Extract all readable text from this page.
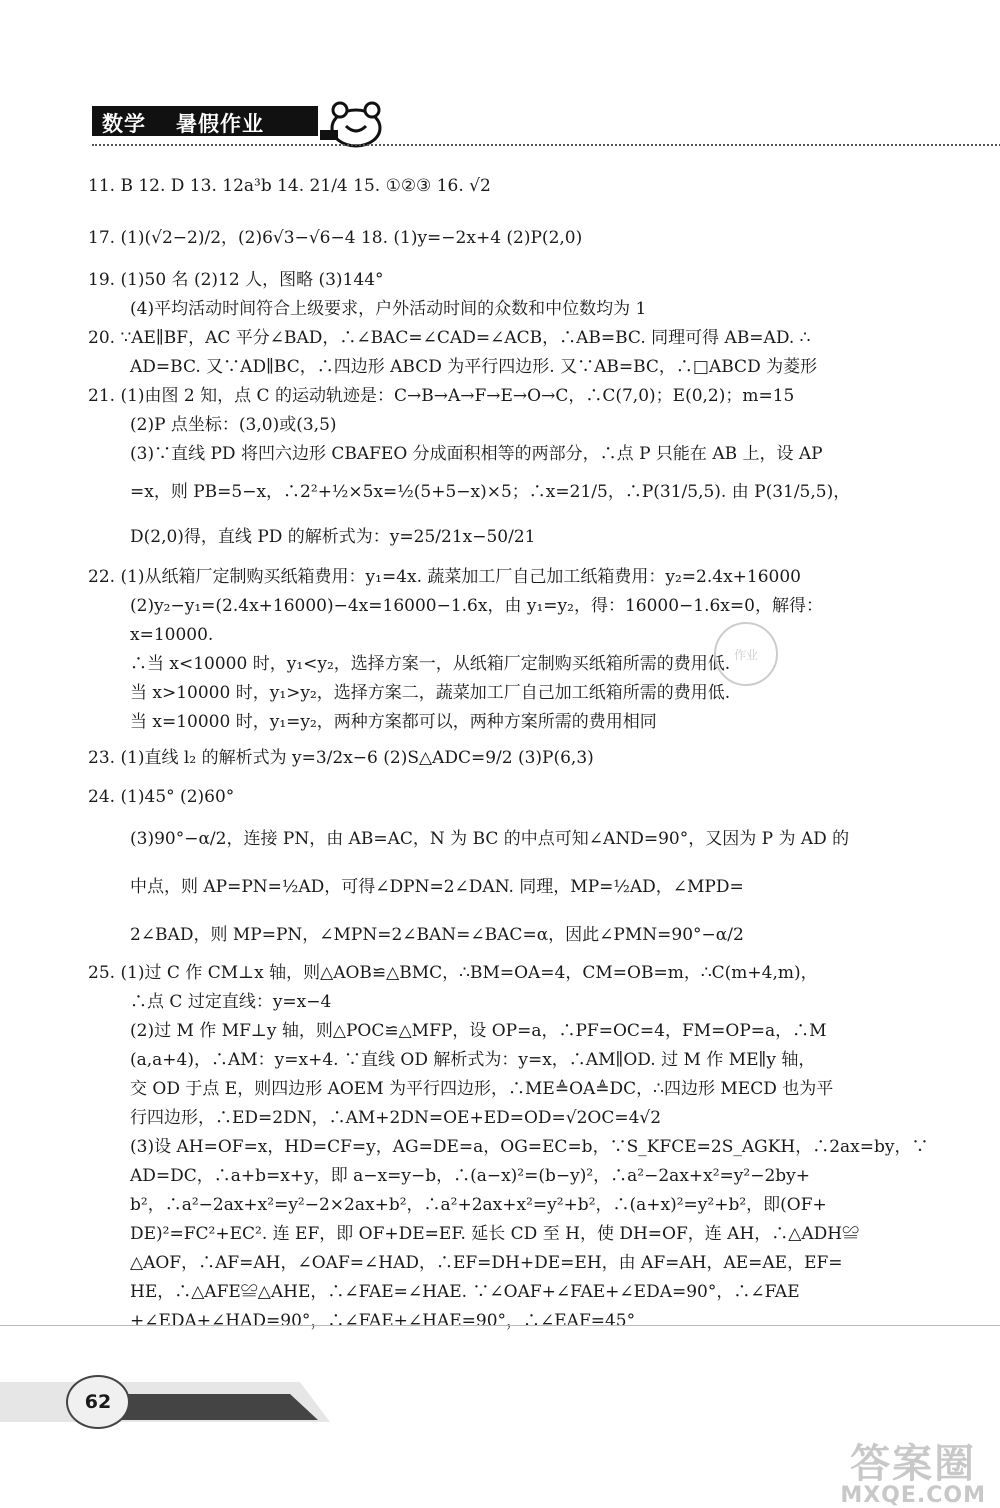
数学 暑假作业
11. B 12. D 13. 12a³b 14. 21/4 15. ①②③ 16. √2
17. (1)(√2−2)/2，(2)6√3−√6−4 18. (1)y=−2x+4 (2)P(2,0)
19. (1)50 名 (2)12 人，图略 (3)144°
(4)平均活动时间符合上级要求，户外活动时间的众数和中位数均为 1
20. ∵AE∥BF，AC 平分∠BAD，∴∠BAC=∠CAD=∠ACB，∴AB=BC. 同理可得 AB=AD. ∴
AD=BC. 又∵AD∥BC，∴四边形 ABCD 为平行四边形. 又∵AB=BC，∴□ABCD 为菱形
21. (1)由图 2 知，点 C 的运动轨迹是：C→B→A→F→E→O→C，∴C(7,0)；E(0,2)；m=15
(2)P 点坐标：(3,0)或(3,5)
(3)∵直线 PD 将凹六边形 CBAFEO 分成面积相等的两部分，∴点 P 只能在 AB 上，设 AP
=x，则 PB=5−x，∴2²+½×5x=½(5+5−x)×5；∴x=21/5，∴P(31/5,5). 由 P(31/5,5)，
D(2,0)得，直线 PD 的解析式为：y=25/21x−50/21
22. (1)从纸箱厂定制购买纸箱费用：y₁=4x. 蔬菜加工厂自己加工纸箱费用：y₂=2.4x+16000
(2)y₂−y₁=(2.4x+16000)−4x=16000−1.6x，由 y₁=y₂，得：16000−1.6x=0，解得：
x=10000.
∴当 x<10000 时，y₁<y₂，选择方案一，从纸箱厂定制购买纸箱所需的费用低.
当 x>10000 时，y₁>y₂，选择方案二，蔬菜加工厂自己加工纸箱所需的费用低.
当 x=10000 时，y₁=y₂，两种方案都可以，两种方案所需的费用相同
23. (1)直线 l₂ 的解析式为 y=3/2x−6 (2)S△ADC=9/2 (3)P(6,3)
24. (1)45° (2)60°
(3)90°−α/2，连接 PN，由 AB=AC，N 为 BC 的中点可知∠AND=90°，又因为 P 为 AD 的
中点，则 AP=PN=½AD，可得∠DPN=2∠DAN. 同理，MP=½AD，∠MPD=
2∠BAD，则 MP=PN，∠MPN=2∠BAN=∠BAC=α，因此∠PMN=90°−α/2
25. (1)过 C 作 CM⊥x 轴，则△AOB≌△BMC，∴BM=OA=4，CM=OB=m，∴C(m+4,m)，
∴点 C 过定直线：y=x−4
(2)过 M 作 MF⊥y 轴，则△POC≌△MFP，设 OP=a，∴PF=OC=4，FM=OP=a，∴M
(a,a+4)，∴AM：y=x+4. ∵直线 OD 解析式为：y=x，∴AM∥OD. 过 M 作 ME∥y 轴，
交 OD 于点 E，则四边形 AOEM 为平行四边形，∴ME≜OA≜DC，∴四边形 MECD 也为平
行四边形，∴ED=2DN，∴AM+2DN=OE+ED=OD=√2OC=4√2
(3)设 AH=OF=x，HD=CF=y，AG=DE=a，OG=EC=b，∵S_KFCE=2S_AGKH，∴2ax=by，∵
AD=DC，∴a+b=x+y，即 a−x=y−b，∴(a−x)²=(b−y)²，∴a²−2ax+x²=y²−2by+
b²，∴a²−2ax+x²=y²−2×2ax+b²，∴a²+2ax+x²=y²+b²，∴(a+x)²=y²+b²，即(OF+
DE)²=FC²+EC². 连 EF，即 OF+DE=EF. 延长 CD 至 H，使 DH=OF，连 AH，∴△ADH≌
△AOF，∴AF=AH，∠OAF=∠HAD，∴EF=DH+DE=EH，由 AF=AH，AE=AE，EF=
HE，∴△AFE≌△AHE，∴∠FAE=∠HAE. ∵∠OAF+∠FAE+∠EDA=90°，∴∠FAE
+∠EDA+∠HAD=90°，∴∠FAE+∠HAE=90°，∴∠EAF=45°
作业
62
答案圈
MXQE.COM
